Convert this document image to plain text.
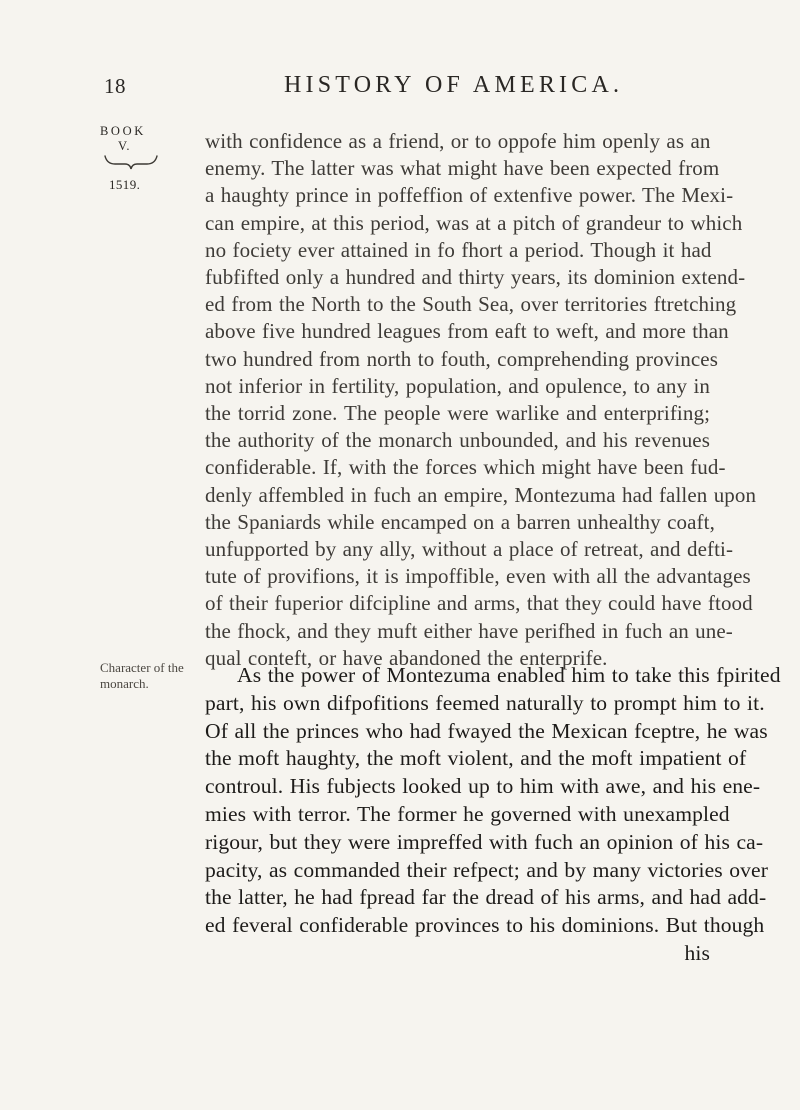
18	HISTORY OF AMERICA.
BOOK
V.
1519.
Character of the monarch.
with confidence as a friend, or to oppofe him openly as an
enemy. The latter was what might have been expected from
a haughty prince in poffeffion of extenfive power. The Mexi-
can empire, at this period, was at a pitch of grandeur to which
no fociety ever attained in fo fhort a period. Though it had
fubfifted only a hundred and thirty years, its dominion extend-
ed from the North to the South Sea, over territories ftretching
above five hundred leagues from eaft to weft, and more than
two hundred from north to fouth, comprehending provinces
not inferior in fertility, population, and opulence, to any in
the torrid zone. The people were warlike and enterprifing;
the authority of the monarch unbounded, and his revenues
confiderable. If, with the forces which might have been fud-
denly affembled in fuch an empire, Montezuma had fallen upon
the Spaniards while encamped on a barren unhealthy coaft,
unfupported by any ally, without a place of retreat, and defti-
tute of provifions, it is impoffible, even with all the advantages
of their fuperior difcipline and arms, that they could have ftood
the fhock, and they muft either have perifhed in fuch an une-
qual conteft, or have abandoned the enterprife.
As the power of Montezuma enabled him to take this fpirited
part, his own difpofitions feemed naturally to prompt him to it.
Of all the princes who had fwayed the Mexican fceptre, he was
the moft haughty, the moft violent, and the moft impatient of
controul. His fubjects looked up to him with awe, and his ene-
mies with terror. The former he governed with unexampled
rigour, but they were impreffed with fuch an opinion of his ca-
pacity, as commanded their refpect; and by many victories over
the latter, he had fpread far the dread of his arms, and had add-
ed feveral confiderable provinces to his dominions. But though
his
